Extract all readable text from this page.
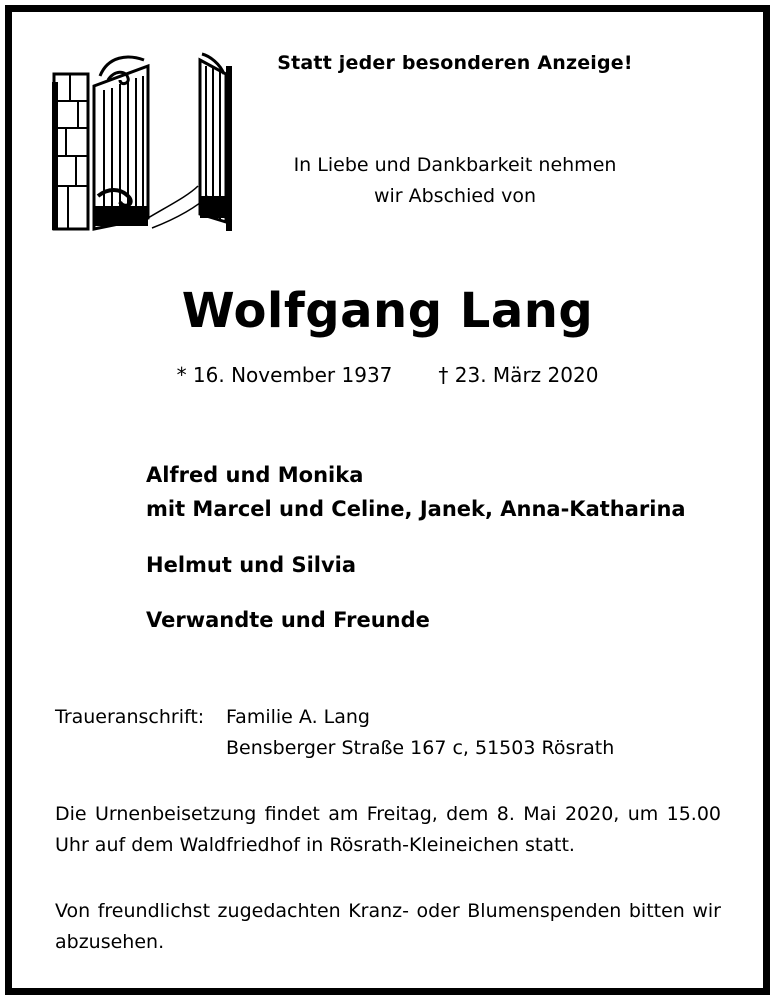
Statt jeder besonderen Anzeige!
In Liebe und Dankbarkeit nehmen
wir Abschied von
Wolfgang Lang
* 16. November 1937 † 23. März 2020
Alfred und Monika
mit Marcel und Celine, Janek, Anna-Katharina
Helmut und Silvia
Verwandte und Freunde
Traueranschrift: Familie A. Lang
Bensberger Straße 167 c, 51503 Rösrath
Die Urnenbeisetzung findet am Freitag, dem 8. Mai 2020, um 15.00 Uhr auf dem Waldfriedhof in Rösrath-Kleineichen statt.
Von freundlichst zugedachten Kranz- oder Blumenspenden bitten wir abzusehen.
